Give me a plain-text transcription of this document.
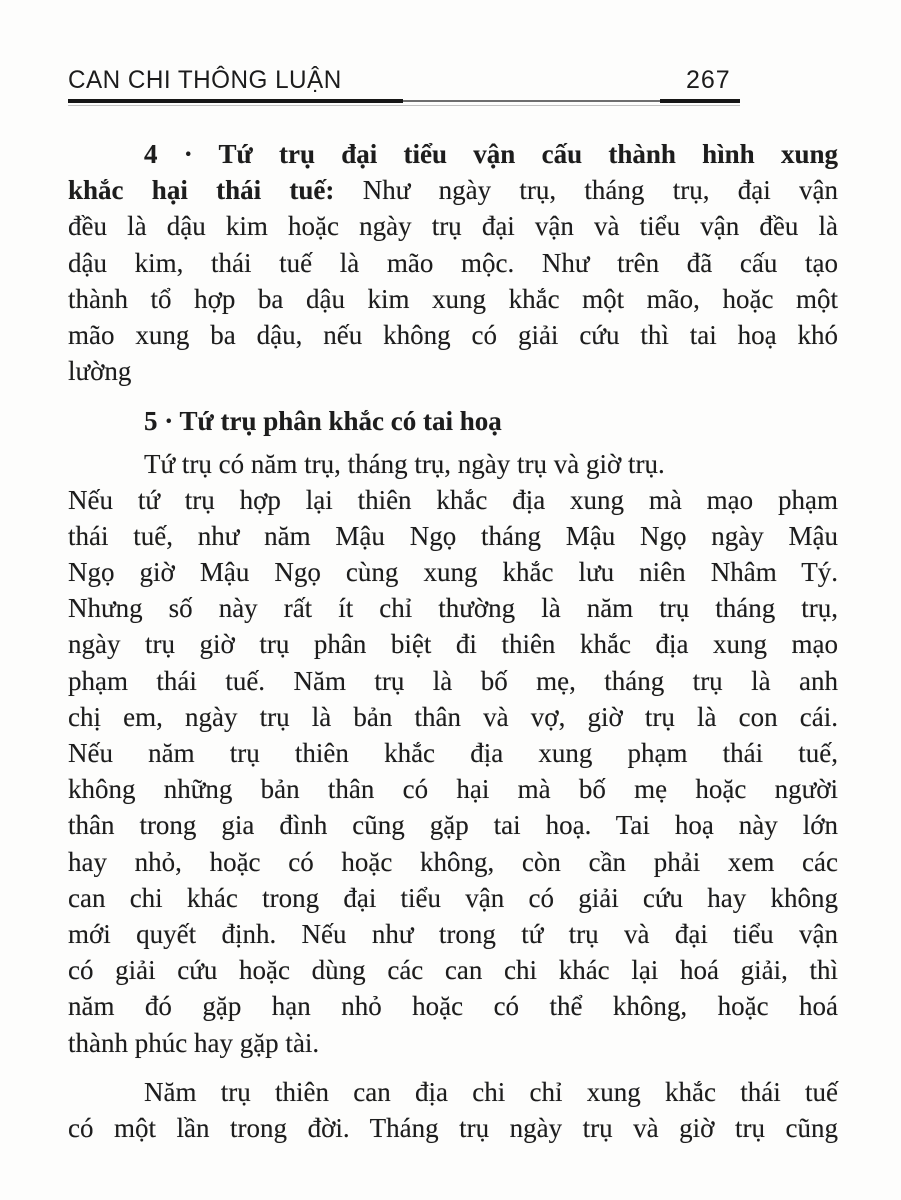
CAN CHI THÔNG LUẬN	267
4 · Tứ trụ đại tiểu vận cấu thành hình xung
khắc hại thái tuế: Như ngày trụ, tháng trụ, đại vận
đều là dậu kim hoặc ngày trụ đại vận và tiểu vận đều là
dậu kim, thái tuế là mão mộc. Như trên đã cấu tạo
thành tổ hợp ba dậu kim xung khắc một mão, hoặc một
mão xung ba dậu, nếu không có giải cứu thì tai hoạ khó
lường
5 · Tứ trụ phân khắc có tai hoạ
Tứ trụ có năm trụ, tháng trụ, ngày trụ và giờ trụ.
Nếu tứ trụ hợp lại thiên khắc địa xung mà mạo phạm
thái tuế, như năm Mậu Ngọ tháng Mậu Ngọ ngày Mậu
Ngọ giờ Mậu Ngọ cùng xung khắc lưu niên Nhâm Tý.
Nhưng số này rất ít chỉ thường là năm trụ tháng trụ,
ngày trụ giờ trụ phân biệt đi thiên khắc địa xung mạo
phạm thái tuế. Năm trụ là bố mẹ, tháng trụ là anh
chị em, ngày trụ là bản thân và vợ, giờ trụ là con cái.
Nếu năm trụ thiên khắc địa xung phạm thái tuế,
không những bản thân có hại mà bố mẹ hoặc người
thân trong gia đình cũng gặp tai hoạ. Tai hoạ này lớn
hay nhỏ, hoặc có hoặc không, còn cần phải xem các
can chi khác trong đại tiểu vận có giải cứu hay không
mới quyết định. Nếu như trong tứ trụ và đại tiểu vận
có giải cứu hoặc dùng các can chi khác lại hoá giải, thì
năm đó gặp hạn nhỏ hoặc có thể không, hoặc hoá
thành phúc hay gặp tài.
Năm trụ thiên can địa chi chỉ xung khắc thái tuế
có một lần trong đời. Tháng trụ ngày trụ và giờ trụ cũng
